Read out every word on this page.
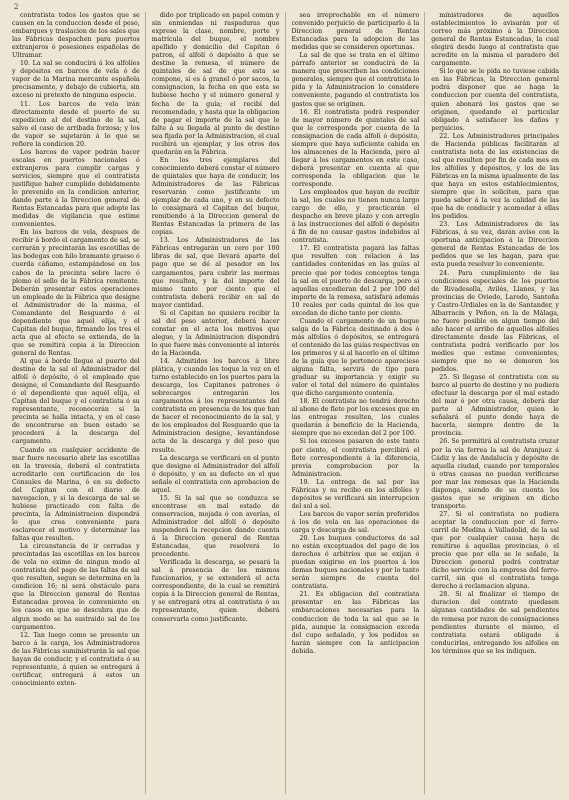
2

contratista todos los gastos que se causen en la conduccion desde el peso, embarques y traslacion de los sales que las Fábricas despachen para puertos extranjeros ó posesiones españolas de Ultramar.

10. La sal se conducirá á los alfolíes y depósitos en barcos de vela ó de vapor de la Marina mercante española precisamente, y debajo de cubierta, sin exceso ni pretexto de ninguna especie.

11. Los barcos de vela irán directamente desde el puerto de su expedicion al del destino de la sal, salvo el caso de arribada forzosa; y los de vapor se sujetarán á lo que se refiere la condicion 20.

Los barcos de vapor podrán hacer escalas en puertos nacionales ó extranjeros para cumplir cargas y servicios, siempre que el contratista justifique haber cumplido debidamente lo prevenido en la condicion anterior, dando parte á la Direccion general de Rentas Estancadas para que adopte las medidas de vigilancia que estime convenientes.

En los barcos de vela, despues de recibir á bordo el cargamento de sal, se cerrarán y precintarán las escotillas de las bodegas con hilo bramante grueso ó cuerda cáñamo, estampándose en los cabos de la precinta sobre lacre ó plomo el sello de la Fábrica remitente. Deberán presentar estos operaciones un empleado de la Fábrica que designe el Administrador de la misma, el Comandante del Resguardo ó el dependiente que aquél elija, y el Capitan del buque, firmando los tres el acta que al efecto se extienda, de la que se remitirá copia á la Direccion general de Rentas.

Al que á bordo llegue al puerto del destino de la sal el Administrador del alfolí ó depósito, ó el empleado que designe, el Comandante del Resguardo ó el dependiente que aquél elija, el Capitan del buque y el contratista ó su representante, reconocerán si la precinta se halla intacta, y en el caso de encontrarse en buen estado se procederá á la descarga del cargamento.

Cuando en cualquier accidente de mar fuere necesario abrir las escotillas en la travesía, deberá el contratista acreditarlo con certificacion de los Cónsules de Marina, ó en su defecto del Capitan con el diario de navegacion, y si la descarga de sal se hubiese practicado con falta de precinta, la Administracion dispondrá lo que crea conveniente para esclarecer el motivo y determinar las faltas que resulten.

La circunstancia de ir cerradas y precintadas las escotillas en los barcos de vela no exime de ningun modo al contratista del pago de las faltas de sal que resulten, segun se determina en la condicion 16; ni será obstáculo para que la Direccion general de Rentas Estancadas provea lo conveniente en los casos en que se descubra que de algun modo se ha sustraido sal de los cargamentos.

12. Tan luego como se presente un barco á la carga, los Administradores de las Fábricas suministrarán la sal que hayan de conducir, y el contratista ó su representante, á quien se entregará á certificar, entregará á estos un conocimiento exten-

dido por triplicado en papel común y sin enmiendas ni raspaduras que exprese la clase, nombre, porte y matrícula del buque, el nombre apellido y domicilio del Capitan ó patron, el alfolí ó depósito á que se destine la remesa, el número de quintales de sal de que esta se compone, si es á granel ó por sacos, la consignacion, la fecha en que esta se hubiese hecho y el número general y fecha de la guía; el recibí del recomendado, y hasta que la obligacion de pagar el importe de la sal que le falte á su llegada al punto de destino sea fijada por la Administracion, el cual recibirá un ejemplar, y los otros dos quedarán en la Fábrica.

En los tres ejemplares del conocimiento deberá constar el número de quintales que haya de conducir, los Administradores de las Fábricas reservarán como justificante un ejemplar de cada uno, y en su defecto lo consignará el Capitan del buque, remitiendo á la Direccion general de Rentas Estancadas la primera de las copias.

13. Los Administradores de las Fábricas entregarán un cero por 100 libras de sal, que llevará aparte del pago que se dé al pesador en los cargamentos, para cubrir las mermas que resulten, y la del importe del mismo tanto por ciento que el contratista deberá recibir en sal de mayor cantidad.

Si el Capitan no quisiera recibir la sal del peso anterior, deberá hacer constar en el acta los motivos que alegue, y la Administracion dispondrá lo que fuere más conveniente al interés de la Hacienda.

14. Admitidos los barcos á libre plática, y cuando les toque la vez en el turno establecido en los puertos para la descarga, los Capitanes patrones ó sobrecargos entregarán los cargamentos á los representantes del contratista en presencia de los que han de hacer el reconocimiento de la sal, y de los empleados del Resguardo que la Administracion designe, levantándose acta de la descarga y del peso que resulte.

La descarga se verificará en el punto que designe el Administrador del alfolí ó depósito, y en su defecto en el que señale el contratista con aprobacion de aquel.

15. Si la sal que se conduzca se encontrase en mal estado de conservacion, mojada ó con averías, el Administrador del alfolí ó depósito suspenderá la recepcion dando cuenta á la Direccion general de Rentas Estancadas, que resolverá lo procedente.

Verificada la descarga, se pesará la sal á presencia de los mismos funcionarios, y se extenderá el acta correspondiente, de la cual se remitirá copia á la Direccion general de Rentas, y se entregará otra al contratista ó su representante, quien deberá conservarla como justificante.

sea irreprochable en el número convenido perjuicio de participarlo á la Direccion general de Rentas Estancadas para la adopcion de las medidas que se consideren oportunas.

La sal de que se trata en el último párrafo anterior se conducirá de la manera que prescriben las condiciones generales, siempre que el contratista lo pida y la Administracion lo considere conveniente, pagando el contratista los gastos que se originen.

16. El contratista podrá responder de mayor número de quintales de sal que le corresponda por cuenta de la consignacion de cada alfolí ó depósito, siempre que haya suficiente cabida en los almacenes de la Hacienda, pero al llegar á los cargamentos en este caso, deberá presentar en cuenta al que corresponda la obligacion que le corresponde.

Los empleados que hayan de recibir la sal, los cuales no tienen nunca largo cargo de ello, y practicarán el despacho en breve plazo y con arreglo á las instrucciones del alfolí ó depósito á fin de no causar gastos indebidos al contratista.

17. El contratista pagará las faltas que resulten con relacion á las cantidades contenidas en las guías al precio que por todos conceptos tenga la sal en el puerto de descarga, pero si aquellas excedieran del 2 por 100 del importe de la remesa, satisfará además 10 reales por cada quintal de los que excedan de dicho tanto por ciento.

Cuando el cargamento de un buque salga de la Fábrica destinado á dos ó más alfolíes ó depósitos, se entregará el contenido de las guías respectivas en los primeros y si al hacerlo en el último de la guía que le pertenece apareciese alguna falta, servirá de tipo para graduar su importancia y exigir su valor el total del número de quintales que dicho cargamento contenía.

18. El contratista no tendrá derecho al abono de flete por los excesos que en las entregas resulten, los cuales quedarán á beneficio de la Hacienda, siempre que no excedan del 2 por 100.

Si los excesos pasaren de este tanto por ciento, el contratista percibirá el flete correspondiente á la diferencia, previa comprobacion por la Administracion.

19. La entrega de sal por las Fábricas y su recibo en los alfolíes y depósitos se verificará sin interrupcion del sol a sol.

Los barcos de vapor serán preferidos á los de vela en las operaciones de carga y descarga de sal.

20. Los buques conductores de sal no están exceptuados del pago de los derechos ó arbitrios que se exijan ó puedan exigirse en los puertos á los demas buques nacionales y por lo tanto serán siempre de cuenta del contratista.

21. Es obligacion del contratista presentar en las Fábricas las embarcaciones necesarias para la conduccion de toda la sal que se le pida, aunque la consignacion exceda del cupo señalado, y los pedidos se harán siempre con la anticipacion debida.

ministradores de aquellos establecimientos lo avisarán por el correo más próximo á la Direccion general de Rentas Estancadas, la cual elegirá desde luego al contratista que acredite en la misma el paradero del cargamento.

Si lo que se le pida no tuviese cabida en las Fábricas, la Direccion general podrá disponer que se haga la conduccion por cuenta del contratista, quien abonará los gastos que se originen, quedando el particular obligado á satisfacer los daños y perjuicios.

22. Los Administradores principales de Hacienda públicas facilitarán al contratista nota de las existencias de sal que resulten por fin de cada mes en los alfolíes y depósitos, y los de las Fábricas en la misma igualmente de las que haya en estos establecimientos, siempre que lo soliciten, para que pueda saber á la vez la calidad de las que ha de conducir y acomodar á ellas los pedidos.

23. Los Administradores de las Fábricas, á su vez, darán aviso con la oportuna anticipacion á la Direccion general de Rentas Estancadas de los pedidos que se les hagan, para que esta pueda resolver lo conveniente.

24. Para cumplimiento de las condiciones especiales de los puertos de Rivadesella, Avilés, Llanes, y las provincias de Oviedo, Laredo, Santoña y Castro-Urdiales en la de Santander, y Albarracín y Peñon, en la de Málaga, no fuere posible en algun tiempo del año hacer el arribo de aquellos alfolíes directamente desde las Fábricas, el contratista podrá verificarlo por los medios que estime convenientes, siempre que no se demoren los pedidos.

25. Si llegase el contratista con su barco al puerto de destino y no pudiera efectuar la descarga por el mal estado del mar ó por otra causa, deberá dar parte al Administrador, quien le señalará el punto donde haya de hacerla, siempre dentro de la provincia.

26. Se permitirá al contratista cruzar por la via ferrea la sal de Aranjuez á Cádiz y las de Andalucía y depósito de aquella ciudad, cuando por temporales ú otras causas no puedan verificarse por mar las remesas que la Hacienda disponga, siendo de su cuenta los gastos que se originen en dicho transporte.

27. Si el contratista no pudiera aceptar la conduccion por el ferro-carril de Medina á Valladolid, de la sal que por cualquier causa haya de remitirse á aquellas provincias, ó el precio que por ella se le señale, la Direccion general podrá contratar dicho servicio con la empresa del ferro-carril, sin que el contratista tenga derecho á reclamacion alguna.

28. Si al finalizar el tiempo de duracion del contrato quedasen algunas cantidades de sal pendientes de remesa por razon de consignaciones pendientes durante el mismo, el contratista estará obligado á conducirlas, entregando los alfolíes en los términos que se les indiquen.
